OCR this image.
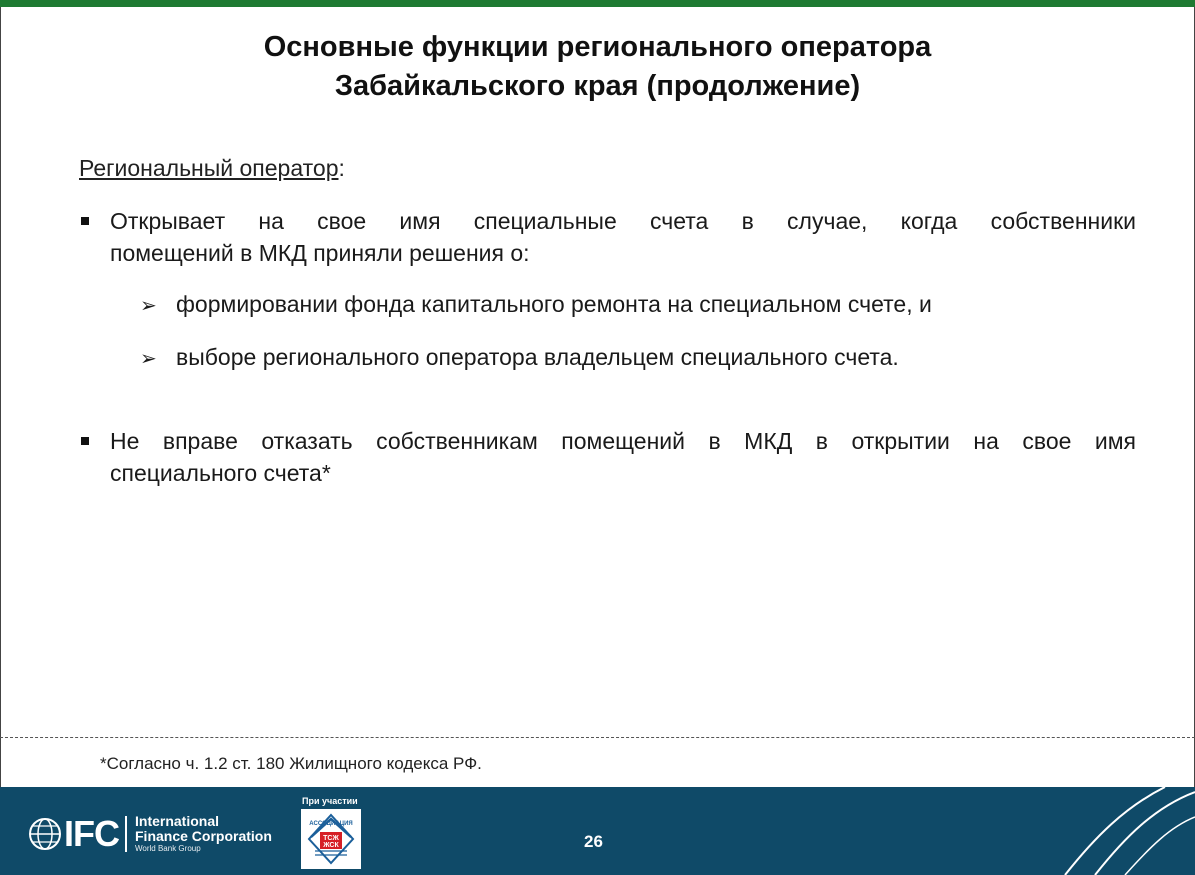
Основные функции регионального оператора
Забайкальского края (продолжение)
Региональный оператор:
Открывает на свое имя специальные счета в случае, когда собственники
помещений в МКД приняли решения о:
➢ формировании фонда капитального ремонта на специальном счете, и
➢ выборе регионального оператора владельцем специального счета.
Не вправе отказать собственникам помещений в МКД в открытии на свое имя
специального счета*
*Согласно ч. 1.2 ст. 180 Жилищного кодекса РФ.
IFC International
Finance Corporation
World Bank Group
При участии
АССОЦИАЦИЯ
ТСЖ
ЖСК	26
